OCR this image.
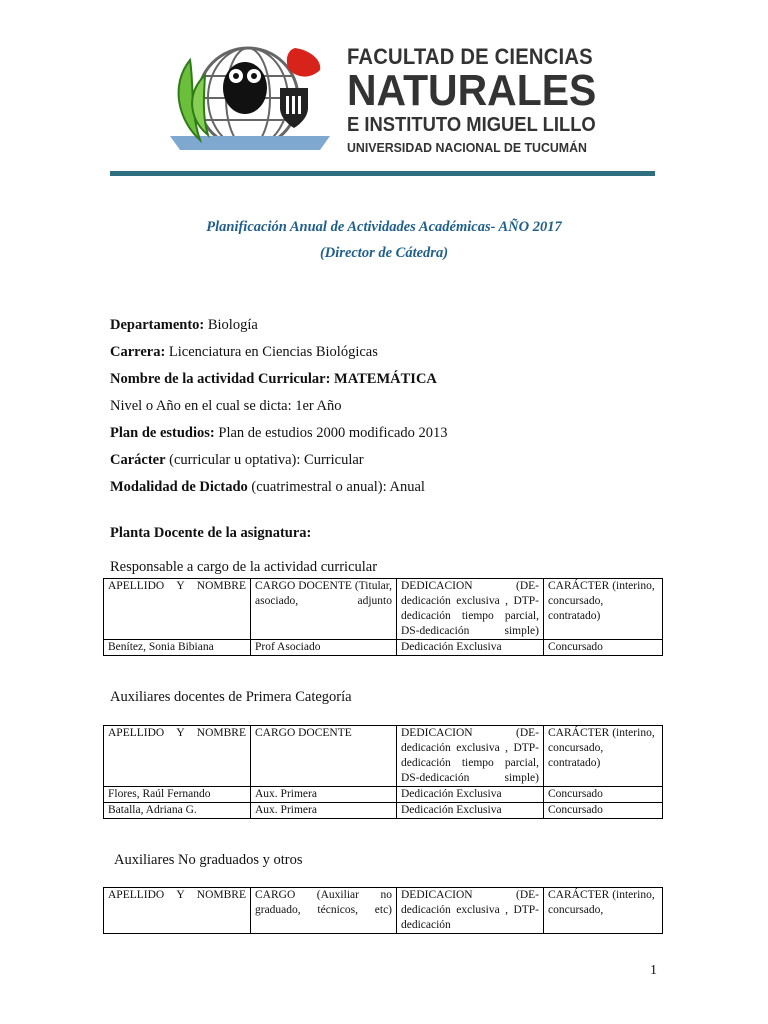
FACULTAD DE CIENCIAS
NATURALES
E INSTITUTO MIGUEL LILLO
UNIVERSIDAD NACIONAL DE TUCUMÁN
Planificación Anual de Actividades Académicas- AÑO 2017
(Director de Cátedra)
Departamento: Biología
Carrera: Licenciatura en Ciencias Biológicas
Nombre de la actividad Curricular: MATEMÁTICA
Nivel o Año en el cual se dicta: 1er Año
Plan de estudios: Plan de estudios 2000 modificado 2013
Carácter (curricular u optativa): Curricular
Modalidad de Dictado (cuatrimestral o anual): Anual
Planta Docente de la asignatura:
Responsable a cargo de la actividad curricular
APELLIDO Y NOMBRE	CARGO DOCENTE (Titular, asociado, adjunto	DEDICACION (DE-dedicación exclusiva , DTP-dedicación tiempo parcial, DS-dedicación simple)	CARÁCTER (interino, concursado, contratado)
Benítez, Sonia Bibiana	Prof Asociado	Dedicación Exclusiva	Concursado
Auxiliares docentes de Primera Categoría
APELLIDO Y NOMBRE	CARGO DOCENTE	DEDICACION (DE-dedicación exclusiva , DTP-dedicación tiempo parcial, DS-dedicación simple)	CARÁCTER (interino, concursado, contratado)
Flores, Raúl Fernando	Aux. Primera	Dedicación Exclusiva	Concursado
Batalla, Adriana G.	Aux. Primera	Dedicación Exclusiva	Concursado
Auxiliares No graduados y otros
APELLIDO Y NOMBRE	CARGO (Auxiliar no graduado, técnicos, etc)	DEDICACION (DE-dedicación exclusiva , DTP-dedicación	CARÁCTER (interino, concursado,
1
